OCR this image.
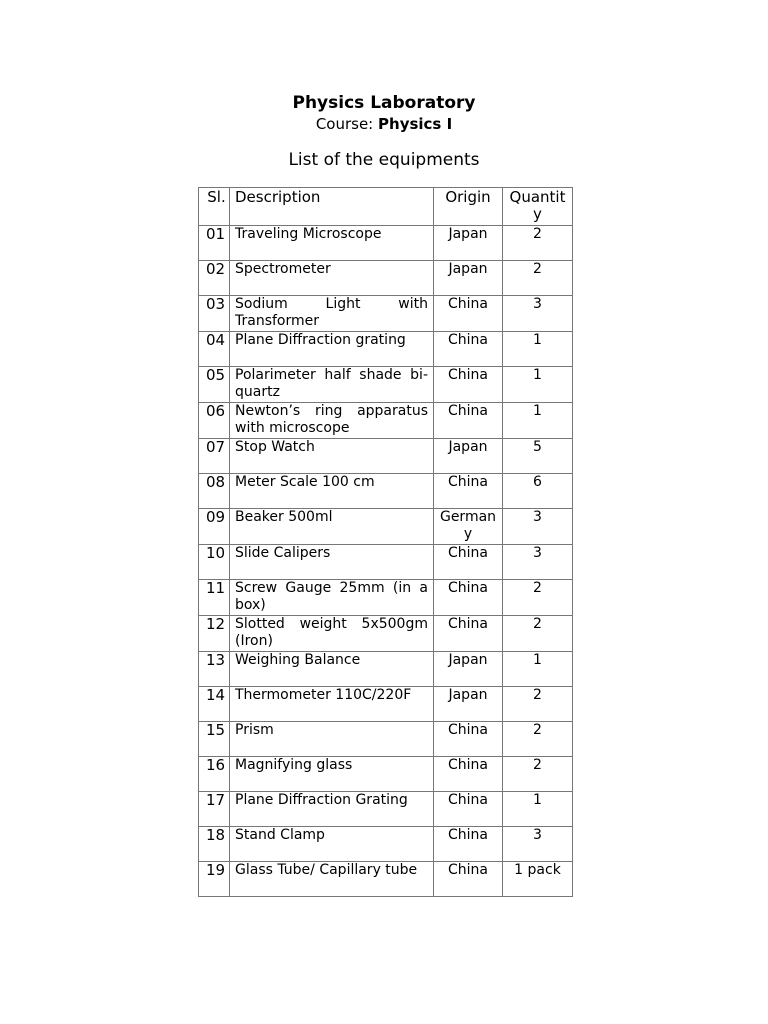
Physics Laboratory
Course: Physics I
List of the equipments
Sl.	Description	Origin	Quantity
01	Traveling Microscope	Japan	2
02	Spectrometer	Japan	2
03	Sodium Light with Transformer	China	3
04	Plane Diffraction grating	China	1
05	Polarimeter half shade bi-quartz	China	1
06	Newton’s ring apparatus with microscope	China	1
07	Stop Watch	Japan	5
08	Meter Scale 100 cm	China	6
09	Beaker 500ml	Germany	3
10	Slide Calipers	China	3
11	Screw Gauge 25mm (in a box)	China	2
12	Slotted weight 5x500gm (Iron)	China	2
13	Weighing Balance	Japan	1
14	Thermometer 110C/220F	Japan	2
15	Prism	China	2
16	Magnifying glass	China	2
17	Plane Diffraction Grating	China	1
18	Stand Clamp	China	3
19	Glass Tube/ Capillary tube	China	1 pack
